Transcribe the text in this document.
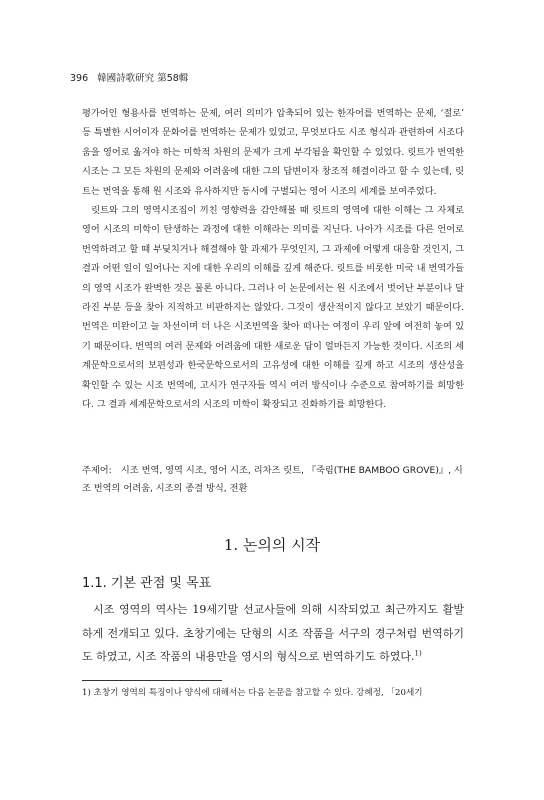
396 韓國詩歌研究 第58輯

평가어인 형용사를 번역하는 문제, 여러 의미가 압축되어 있는 한자어를 번역하는 문제, ‘절로’ 등 특별한 시어이자 문화어를 번역하는 문제가 있었고, 무엇보다도 시조 형식과 관련하여 시조다움을 영어로 옮겨야 하는 미학적 차원의 문제가 크게 부각됨을 확인할 수 있었다. 릿트가 번역한 시조는 그 모든 차원의 문제와 어려움에 대한 그의 답변이자 창조적 해결이라고 할 수 있는데, 릿트는 번역을 통해 원 시조와 유사하지만 동시에 구별되는 영어 시조의 세계를 보여주었다.

릿트와 그의 영역시조집이 끼친 영향력을 감안해볼 때 릿트의 영역에 대한 이해는 그 자체로 영어 시조의 미학이 탄생하는 과정에 대한 이해라는 의미를 지닌다. 나아가 시조를 다른 언어로 번역하려고 할 때 부딪치거나 해결해야 할 과제가 무엇인지, 그 과제에 어떻게 대응할 것인지, 그 결과 어떤 일이 일어나는 지에 대한 우리의 이해를 깊게 해준다. 릿트를 비롯한 미국 내 번역가들의 영역 시조가 완벽한 것은 물론 아니다. 그러나 이 논문에서는 원 시조에서 벗어난 부분이나 달라진 부분 등을 찾아 지적하고 비판하지는 않았다. 그것이 생산적이지 않다고 보았기 때문이다. 번역은 미완이고 늘 차선이며 더 나은 시조번역을 찾아 떠나는 여정이 우리 앞에 여전히 놓여 있기 때문이다. 번역의 여러 문제와 어려움에 대한 새로운 답이 얼마든지 가능한 것이다. 시조의 세계문학으로서의 보편성과 한국문학으로서의 고유성에 대한 이해를 깊게 하고 시조의 생산성을 확인할 수 있는 시조 번역에, 고시가 연구자들 역시 여러 방식이나 수준으로 참여하기를 희망한다. 그 결과 세계문학으로서의 시조의 미학이 확장되고 진화하기를 희망한다.

주제어: 시조 번역, 영역 시조, 영어 시조, 리차즈 릿트, 『죽림(THE BAMBOO GROVE)』, 시조 번역의 어려움, 시조의 종결 방식, 전환
1. 논의의 시작
1.1. 기본 관점 및 목표

시조 영역의 역사는 19세기말 선교사들에 의해 시작되었고 최근까지도 활발하게 전개되고 있다. 초창기에는 단형의 시조 작품을 서구의 경구처럼 번역하기도 하였고, 시조 작품의 내용만을 영시의 형식으로 번역하기도 하였다.$^{1)}$

1) 초창기 영역의 특징이나 양식에 대해서는 다음 논문을 참고할 수 있다. 강혜정, 「20세기
